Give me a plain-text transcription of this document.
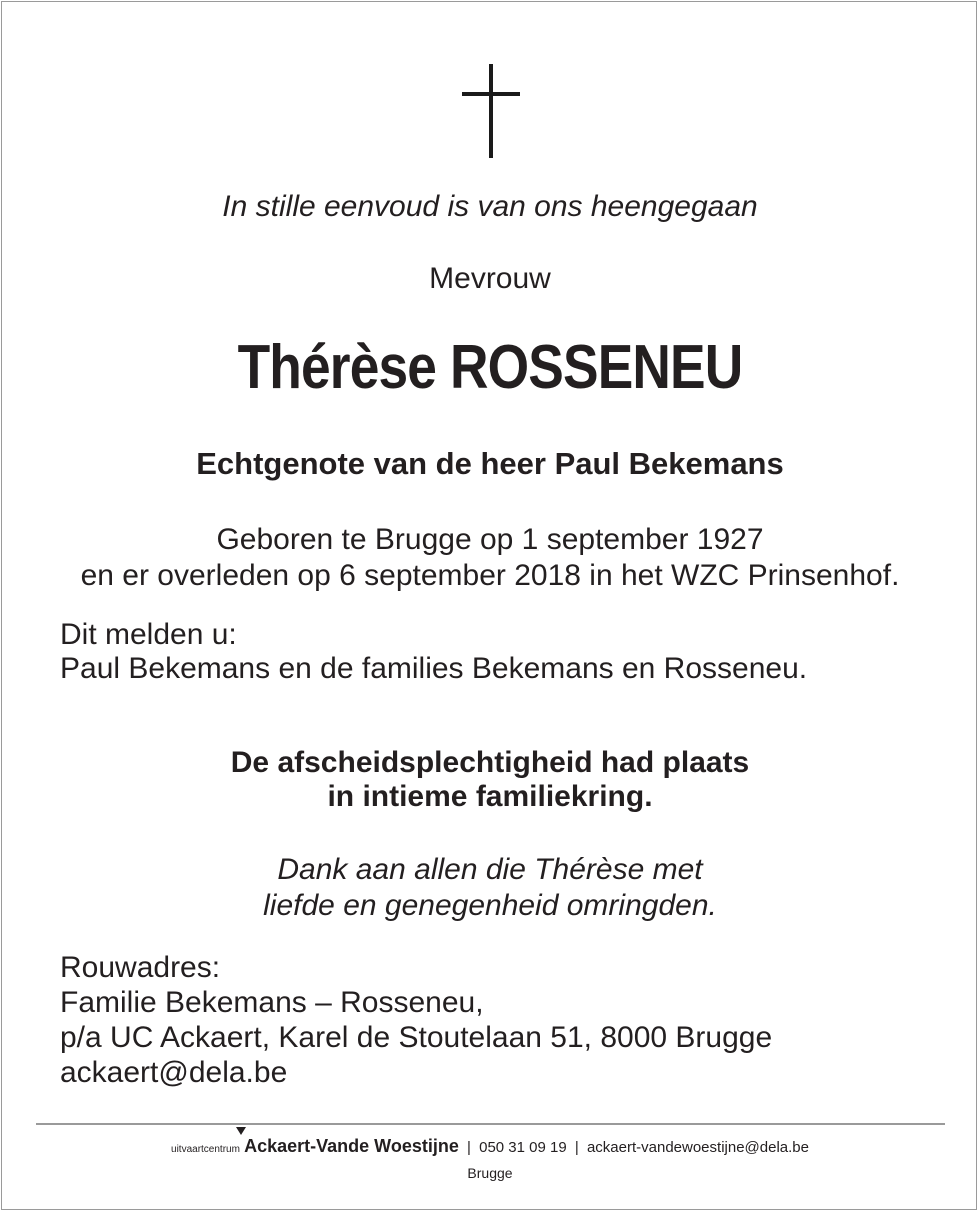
In stille eenvoud is van ons heengegaan
Mevrouw
Thérèse ROSSENEU
Echtgenote van de heer Paul Bekemans
Geboren te Brugge op 1 september 1927
en er overleden op 6 september 2018 in het WZC Prinsenhof.
Dit melden u:
Paul Bekemans en de families Bekemans en Rosseneu.
De afscheidsplechtigheid had plaats
in intieme familiekring.
Dank aan allen die Thérèse met
liefde en genegenheid omringden.
Rouwadres:
Familie Bekemans – Rosseneu,
p/a UC Ackaert, Karel de Stoutelaan 51, 8000 Brugge
ackaert@dela.be
uitvaartcentrum Ackaert-Vande Woestijne | 050 31 09 19 | ackaert-vandewoestijne@dela.be
Brugge
